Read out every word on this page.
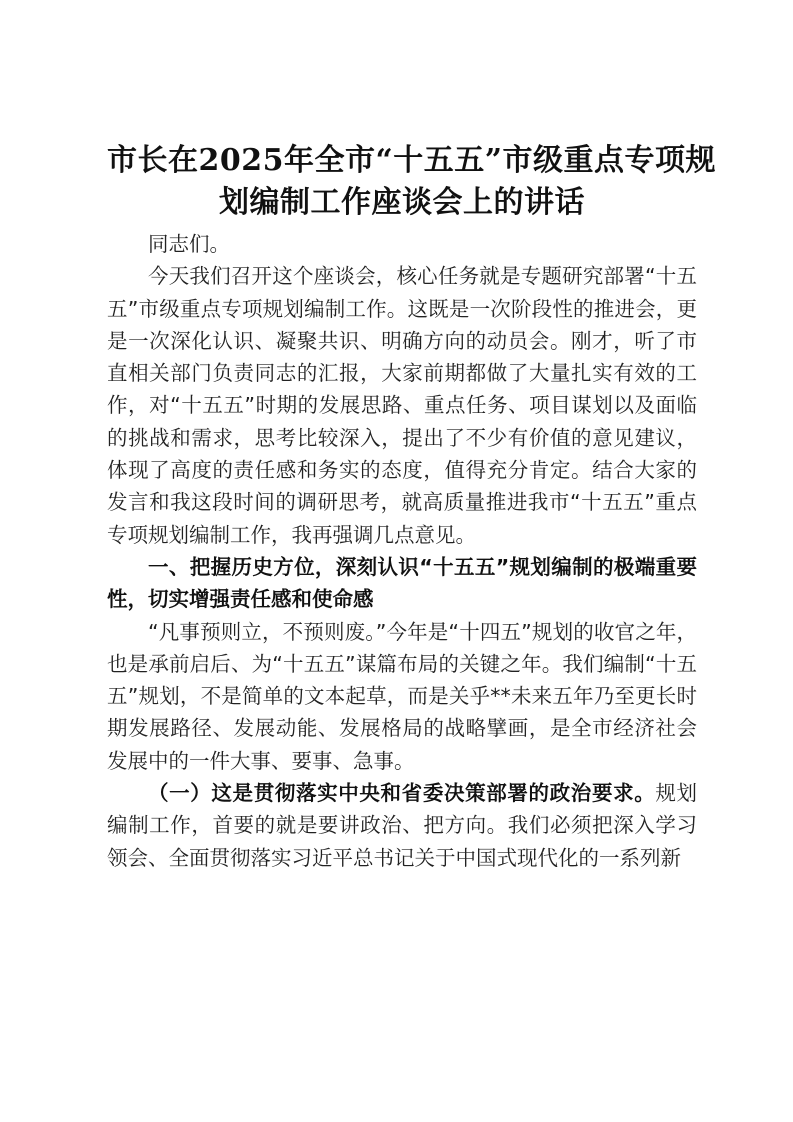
市长在2025年全市“十五五”市级重点专项规
划编制工作座谈会上的讲话

同志们。

今天我们召开这个座谈会，核心任务就是专题研究部署“十五五”市级重点专项规划编制工作。这既是一次阶段性的推进会，更是一次深化认识、凝聚共识、明确方向的动员会。刚才，听了市直相关部门负责同志的汇报，大家前期都做了大量扎实有效的工作，对“十五五”时期的发展思路、重点任务、项目谋划以及面临的挑战和需求，思考比较深入，提出了不少有价值的意见建议，体现了高度的责任感和务实的态度，值得充分肯定。结合大家的发言和我这段时间的调研思考，就高质量推进我市“十五五”重点专项规划编制工作，我再强调几点意见。

一、把握历史方位，深刻认识“十五五”规划编制的极端重要性，切实增强责任感和使命感

“凡事预则立，不预则废。”今年是“十四五”规划的收官之年，也是承前启后、为“十五五”谋篇布局的关键之年。我们编制“十五五”规划，不是简单的文本起草，而是关乎**未来五年乃至更长时期发展路径、发展动能、发展格局的战略擘画，是全市经济社会发展中的一件大事、要事、急事。

（一）这是贯彻落实中央和省委决策部署的政治要求。规划编制工作，首要的就是要讲政治、把方向。我们必须把深入学习领会、全面贯彻落实习近平总书记关于中国式现代化的一系列新
